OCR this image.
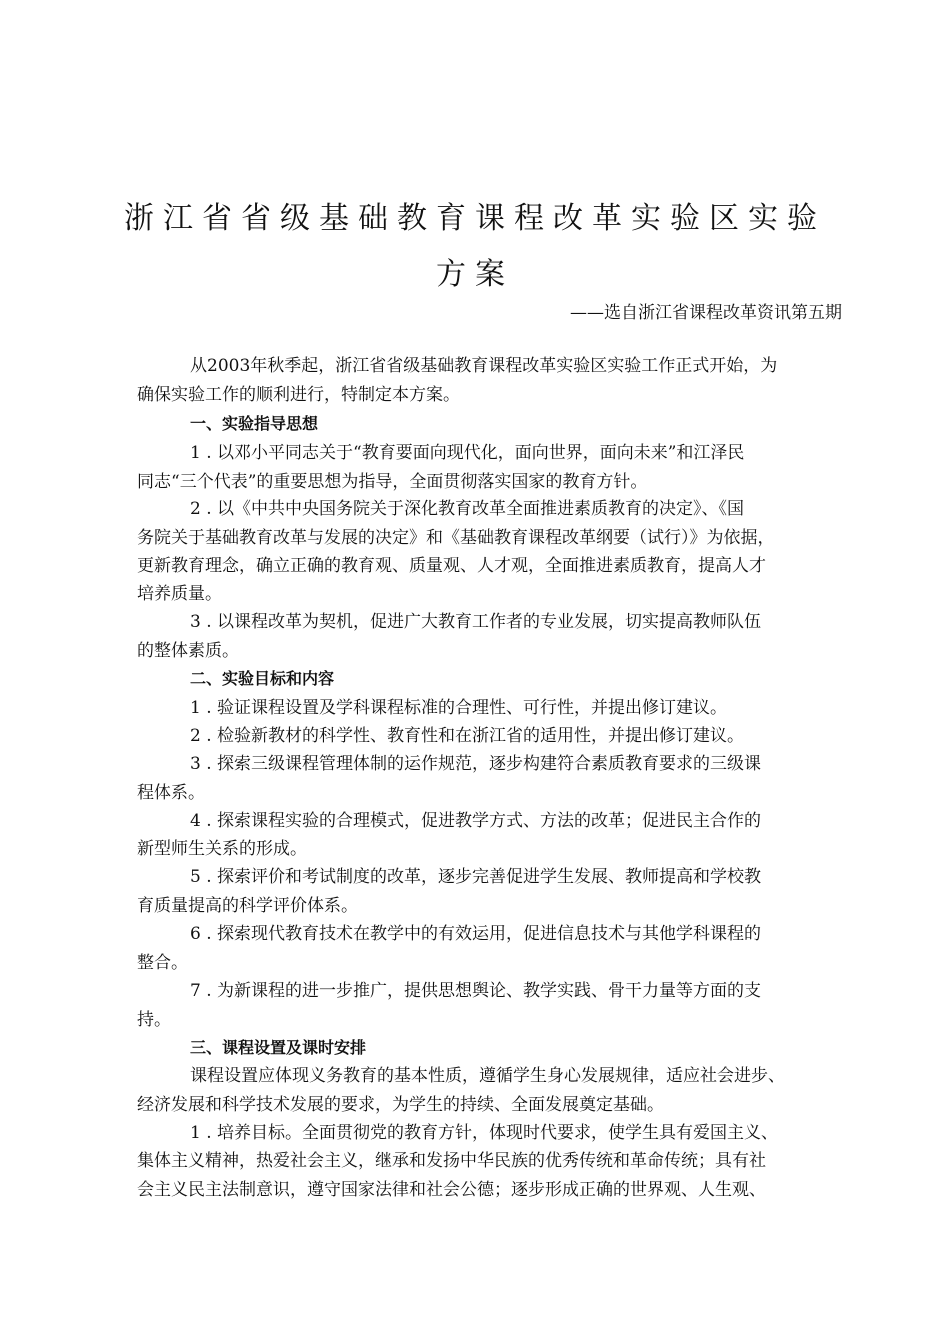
浙江省省级基础教育课程改革实验区实验
方案
——选自浙江省课程改革资讯第五期
从2003年秋季起，浙江省省级基础教育课程改革实验区实验工作正式开始，为
确保实验工作的顺利进行，特制定本方案。
一、实验指导思想
1 . 以邓小平同志关于“教育要面向现代化，面向世界，面向未来”和江泽民
同志“三个代表”的重要思想为指导，全面贯彻落实国家的教育方针。
2 . 以《中共中央国务院关于深化教育改革全面推进素质教育的决定》、《国
务院关于基础教育改革与发展的决定》和《基础教育课程改革纲要（试行）》为依据，
更新教育理念，确立正确的教育观、质量观、人才观，全面推进素质教育，提高人才
培养质量。
3 . 以课程改革为契机，促进广大教育工作者的专业发展，切实提高教师队伍
的整体素质。
二、实验目标和内容
1 . 验证课程设置及学科课程标准的合理性、可行性，并提出修订建议。
2 . 检验新教材的科学性、教育性和在浙江省的适用性，并提出修订建议。
3 . 探索三级课程管理体制的运作规范，逐步构建符合素质教育要求的三级课
程体系。
4 . 探索课程实验的合理模式，促进教学方式、方法的改革；促进民主合作的
新型师生关系的形成。
5 . 探索评价和考试制度的改革，逐步完善促进学生发展、教师提高和学校教
育质量提高的科学评价体系。
6 . 探索现代教育技术在教学中的有效运用，促进信息技术与其他学科课程的
整合。
7 . 为新课程的进一步推广，提供思想舆论、教学实践、骨干力量等方面的支
持。
三、课程设置及课时安排
课程设置应体现义务教育的基本性质，遵循学生身心发展规律，适应社会进步、
经济发展和科学技术发展的要求，为学生的持续、全面发展奠定基础。
1 . 培养目标。全面贯彻党的教育方针，体现时代要求，使学生具有爱国主义、
集体主义精神，热爱社会主义，继承和发扬中华民族的优秀传统和革命传统；具有社
会主义民主法制意识，遵守国家法律和社会公德；逐步形成正确的世界观、人生观、
